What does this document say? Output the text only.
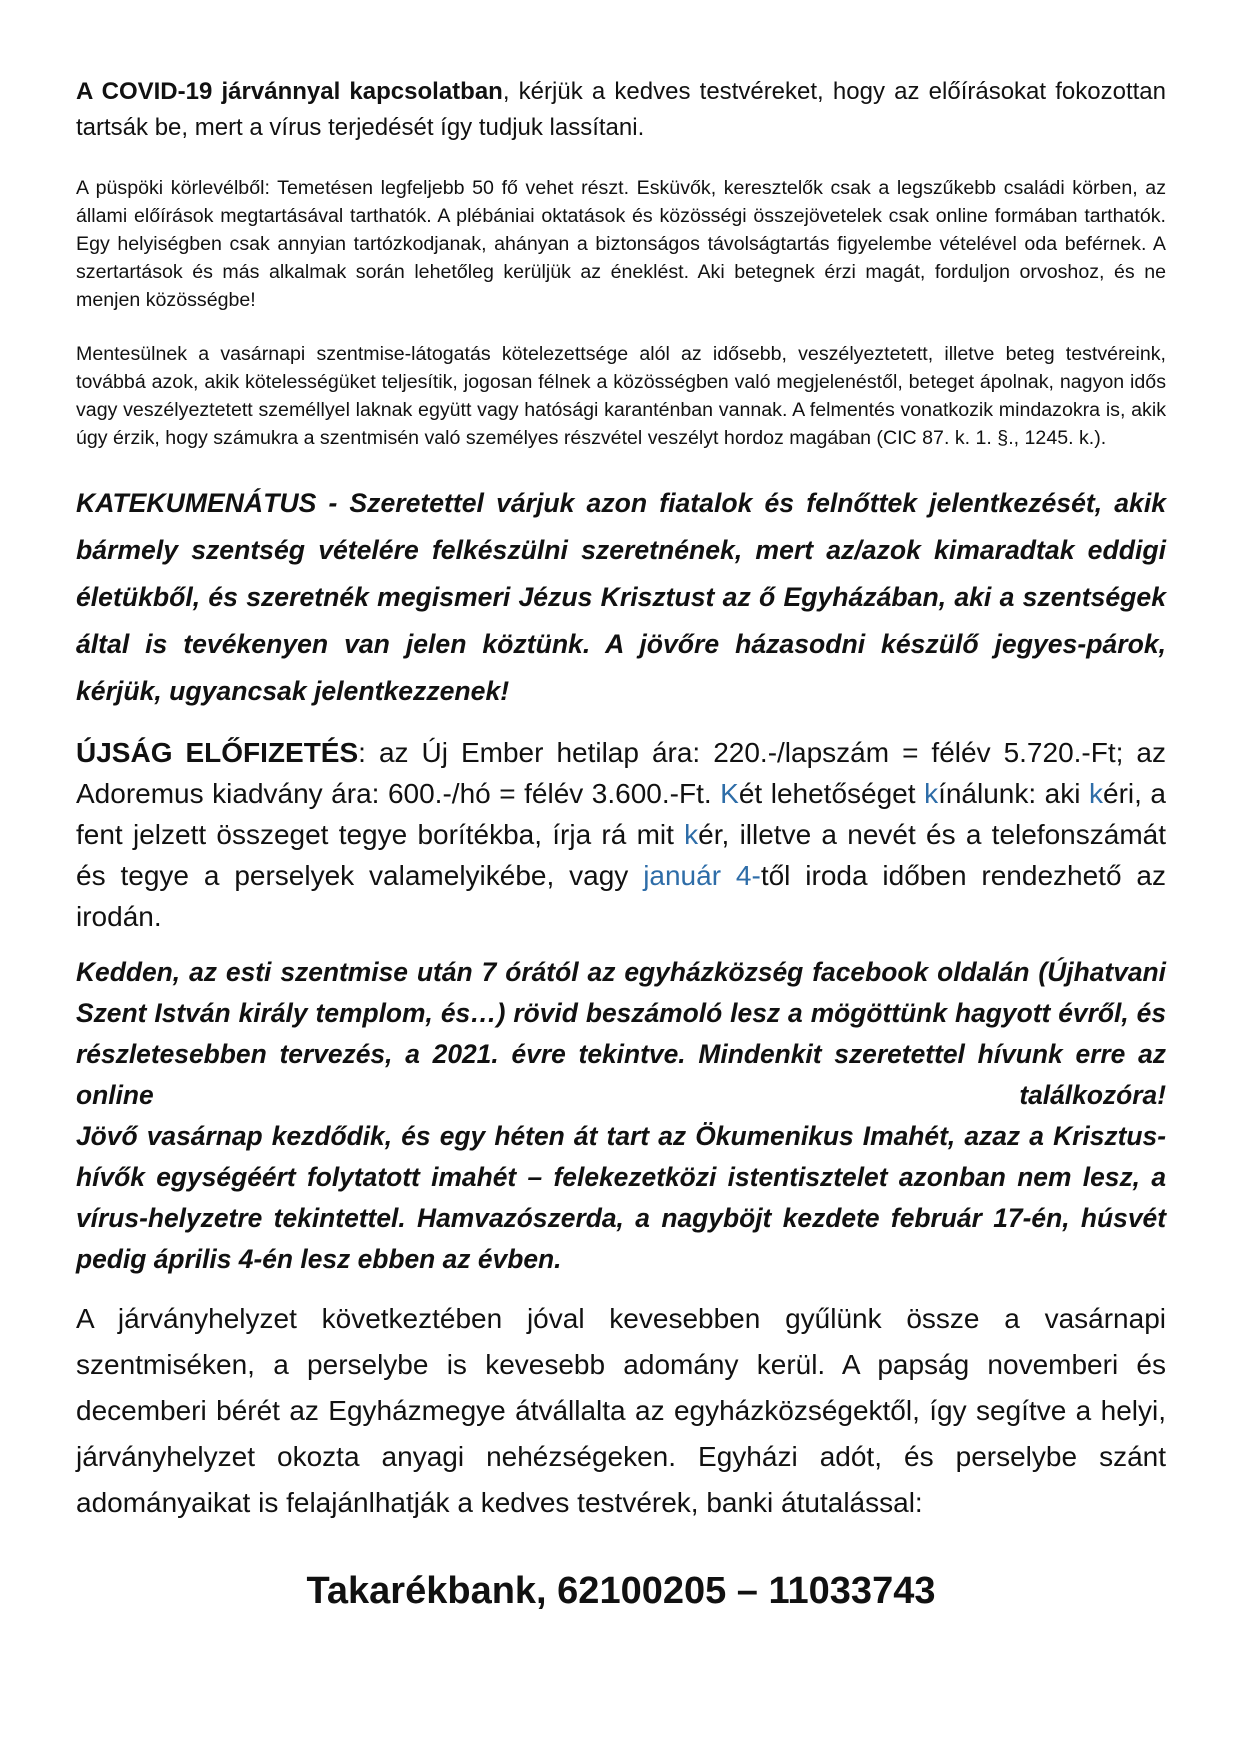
A COVID-19 járvánnyal kapcsolatban, kérjük a kedves testvéreket, hogy az előírásokat fokozottan tartsák be, mert a vírus terjedését így tudjuk lassítani.

A püspöki körlevélből: Temetésen legfeljebb 50 fő vehet részt. Esküvők, keresztelők csak a legszűkebb családi körben, az állami előírások megtartásával tarthatók. A plébániai oktatások és közösségi összejövetelek csak online formában tarthatók. Egy helyiségben csak annyian tartózkodjanak, ahányan a biztonságos távolságtartás figyelembe vételével oda beférnek. A szertartások és más alkalmak során lehetőleg kerüljük az éneklést. Aki betegnek érzi magát, forduljon orvoshoz, és ne menjen közösségbe!

Mentesülnek a vasárnapi szentmise-látogatás kötelezettsége alól az idősebb, veszélyeztetett, illetve beteg testvéreink, továbbá azok, akik kötelességüket teljesítik, jogosan félnek a közösségben való megjelenéstől, beteget ápolnak, nagyon idős vagy veszélyeztetett személlyel laknak együtt vagy hatósági karanténban vannak. A felmentés vonatkozik mindazokra is, akik úgy érzik, hogy számukra a szentmisén való személyes részvétel veszélyt hordoz magában (CIC 87. k. 1. §., 1245. k.).

KATEKUMENÁTUS - Szeretettel várjuk azon fiatalok és felnőttek jelentkezését, akik bármely szentség vételére felkészülni szeretnének, mert az/azok kimaradtak eddigi életükből, és szeretnék megismeri Jézus Krisztust az ő Egyházában, aki a szentségek által is tevékenyen van jelen köztünk. A jövőre házasodni készülő jegyes-párok, kérjük, ugyancsak jelentkezzenek!

ÚJSÁG ELŐFIZETÉS: az Új Ember hetilap ára: 220.-/lapszám = félév 5.720.-Ft; az Adoremus kiadvány ára: 600.-/hó = félév 3.600.-Ft. Két lehetőséget kínálunk: aki kéri, a fent jelzett összeget tegye borítékba, írja rá mit kér, illetve a nevét és a telefonszámát és tegye a perselyek valamelyikébe, vagy január 4-től iroda időben rendezhető az irodán.

Kedden, az esti szentmise után 7 órától az egyházközség facebook oldalán (Újhatvani Szent István király templom, és…) rövid beszámoló lesz a mögöttünk hagyott évről, és részletesebben tervezés, a 2021. évre tekintve. Mindenkit szeretettel hívunk erre az online találkozóra!

Jövő vasárnap kezdődik, és egy héten át tart az Ökumenikus Imahét, azaz a Krisztus-hívők egységéért folytatott imahét – felekezetközi istentisztelet azonban nem lesz, a vírus-helyzetre tekintettel. Hamvazószerda, a nagyböjt kezdete február 17-én, húsvét pedig április 4-én lesz ebben az évben.

A járványhelyzet következtében jóval kevesebben gyűlünk össze a vasárnapi szentmiséken, a perselybe is kevesebb adomány kerül. A papság novemberi és decemberi bérét az Egyházmegye átvállalta az egyházközségektől, így segítve a helyi, járványhelyzet okozta anyagi nehézségeken. Egyházi adót, és perselybe szánt adományaikat is felajánlhatják a kedves testvérek, banki átutalással:

Takarékbank, 62100205 – 11033743
